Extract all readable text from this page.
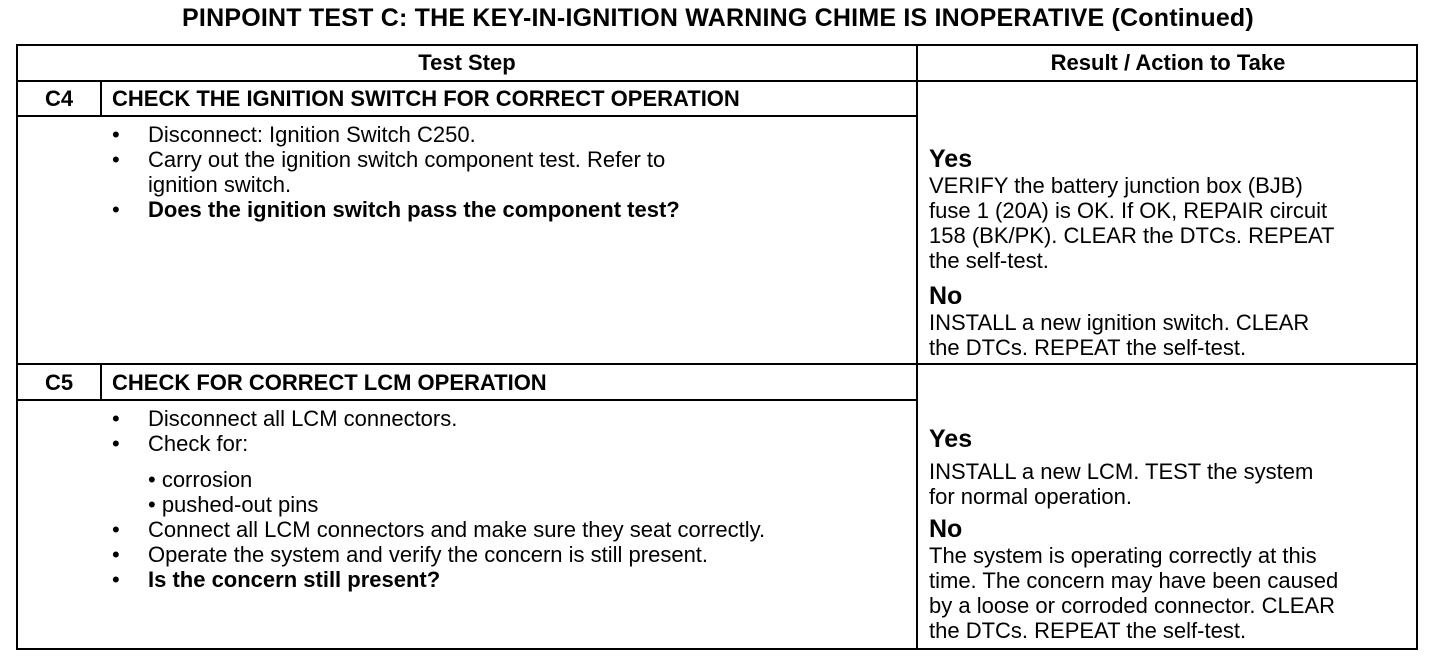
PINPOINT TEST C: THE KEY-IN-IGNITION WARNING CHIME IS INOPERATIVE (Continued)
Test Step	Result / Action to Take
C4	CHECK THE IGNITION SWITCH FOR CORRECT OPERATION
•	Disconnect: Ignition Switch C250.
•	Carry out the ignition switch component test. Refer to
ignition switch.
•	Does the ignition switch pass the component test?
Yes
VERIFY the battery junction box (BJB)
fuse 1 (20A) is OK. If OK, REPAIR circuit
158 (BK/PK). CLEAR the DTCs. REPEAT
the self-test.
No
INSTALL a new ignition switch. CLEAR
the DTCs. REPEAT the self-test.
C5	CHECK FOR CORRECT LCM OPERATION
•	Disconnect all LCM connectors.
•	Check for:
• corrosion
• pushed-out pins
•	Connect all LCM connectors and make sure they seat correctly.
•	Operate the system and verify the concern is still present.
•	Is the concern still present?
Yes
INSTALL a new LCM. TEST the system
for normal operation.
No
The system is operating correctly at this
time. The concern may have been caused
by a loose or corroded connector. CLEAR
the DTCs. REPEAT the self-test.
